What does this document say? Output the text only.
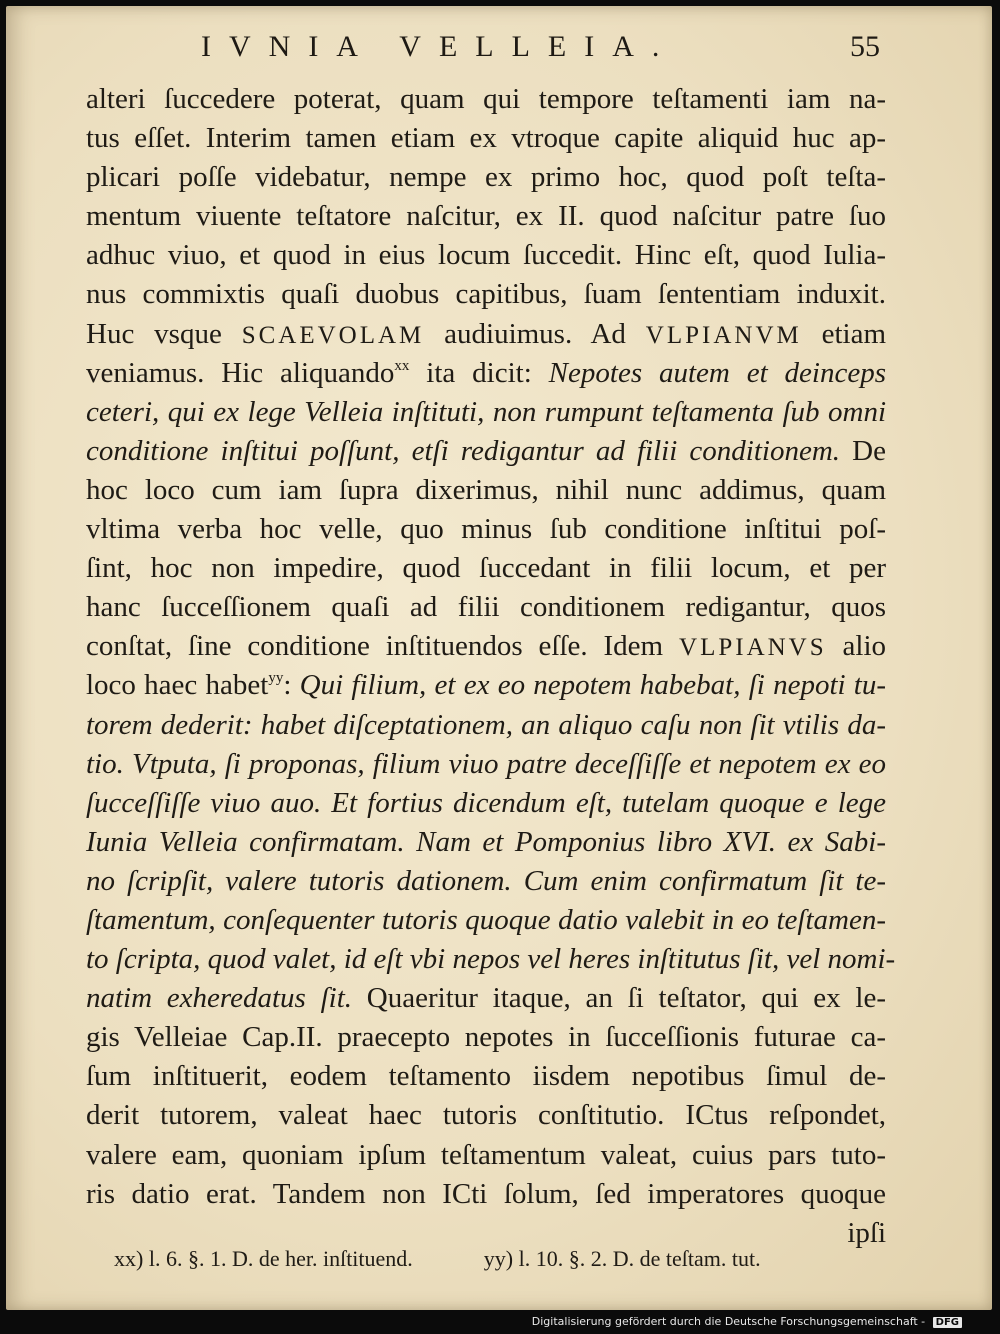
IVNIA VELLEIA.	55
alteri ſuccedere poterat, quam qui tempore teſtamenti iam na-
tus eſſet. Interim tamen etiam ex vtroque capite aliquid huc ap-
plicari poſſe videbatur, nempe ex primo hoc, quod poſt teſta-
mentum viuente teſtatore naſcitur, ex II. quod naſcitur patre ſuo
adhuc viuo, et quod in eius locum ſuccedit. Hinc eſt, quod Iulia-
nus commixtis quaſi duobus capitibus, ſuam ſententiam induxit.
Huc vsque SCAEVOLAM audiuimus. Ad VLPIANVM etiam
veniamus. Hic aliquando$^{xx}$ ita dicit: Nepotes autem et deinceps
ceteri, qui ex lege Velleia inſtituti, non rumpunt teſtamenta ſub omni
conditione inſtitui poſſunt, etſi redigantur ad filii conditionem. De
hoc loco cum iam ſupra dixerimus, nihil nunc addimus, quam
vltima verba hoc velle, quo minus ſub conditione inſtitui poſ-
ſint, hoc non impedire, quod ſuccedant in filii locum, et per
hanc ſucceſſionem quaſi ad filii conditionem redigantur, quos
conſtat, ſine conditione inſtituendos eſſe. Idem VLPIANVS alio
loco haec habet$^{yy}$: Qui filium, et ex eo nepotem habebat, ſi nepoti tu-
torem dederit: habet diſceptationem, an aliquo caſu non ſit vtilis da-
tio. Vtputa, ſi proponas, filium viuo patre deceſſiſſe et nepotem ex eo
ſucceſſiſſe viuo auo. Et fortius dicendum eſt, tutelam quoque e lege
Iunia Velleia confirmatam. Nam et Pomponius libro XVI. ex Sabi-
no ſcripſit, valere tutoris dationem. Cum enim confirmatum ſit te-
ſtamentum, conſequenter tutoris quoque datio valebit in eo teſtamen-
to ſcripta, quod valet, id eſt vbi nepos vel heres inſtitutus ſit, vel nomi-
natim exheredatus ſit. Quaeritur itaque, an ſi teſtator, qui ex le-
gis Velleiae Cap.II. praecepto nepotes in ſucceſſionis futurae ca-
ſum inſtituerit, eodem teſtamento iisdem nepotibus ſimul de-
derit tutorem, valeat haec tutoris conſtitutio. ICtus reſpondet,
valere eam, quoniam ipſum teſtamentum valeat, cuius pars tuto-
ris datio erat. Tandem non ICti ſolum, ſed imperatores quoque
ipſi
xx) l. 6. §. 1. D. de her. inſtituend.	yy) l. 10. §. 2. D. de teſtam. tut.
Digitalisierung gefördert durch die Deutsche Forschungsgemeinschaft - DFG
